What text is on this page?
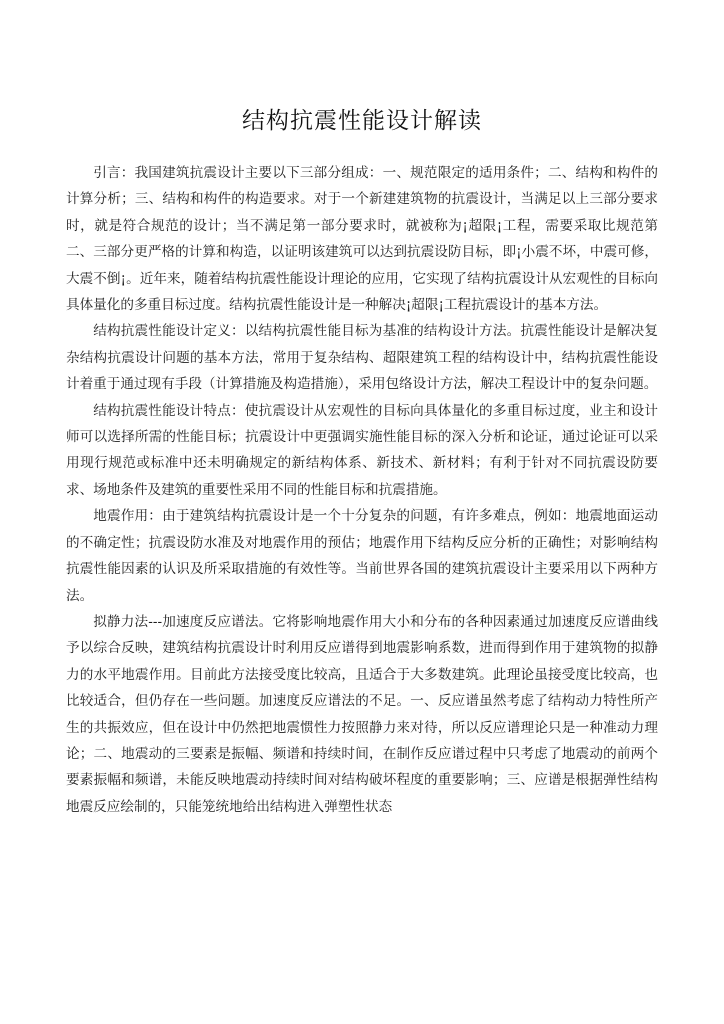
结构抗震性能设计解读

引言：我国建筑抗震设计主要以下三部分组成：一、规范限定的适用条件；二、结构和构件的计算分析；三、结构和构件的构造要求。对于一个新建建筑物的抗震设计，当满足以上三部分要求时，就是符合规范的设计；当不满足第一部分要求时，就被称为¡超限¡工程，需要采取比规范第二、三部分更严格的计算和构造，以证明该建筑可以达到抗震设防目标，即¡小震不坏，中震可修，大震不倒¡。近年来，随着结构抗震性能设计理论的应用，它实现了结构抗震设计从宏观性的目标向具体量化的多重目标过度。结构抗震性能设计是一种解决¡超限¡工程抗震设计的基本方法。

结构抗震性能设计定义：以结构抗震性能目标为基准的结构设计方法。抗震性能设计是解决复杂结构抗震设计问题的基本方法，常用于复杂结构、超限建筑工程的结构设计中，结构抗震性能设计着重于通过现有手段（计算措施及构造措施），采用包络设计方法，解决工程设计中的复杂问题。

结构抗震性能设计特点：使抗震设计从宏观性的目标向具体量化的多重目标过度，业主和设计师可以选择所需的性能目标；抗震设计中更强调实施性能目标的深入分析和论证，通过论证可以采用现行规范或标准中还未明确规定的新结构体系、新技术、新材料；有利于针对不同抗震设防要求、场地条件及建筑的重要性采用不同的性能目标和抗震措施。

地震作用：由于建筑结构抗震设计是一个十分复杂的问题，有许多难点，例如：地震地面运动的不确定性；抗震设防水准及对地震作用的预估；地震作用下结构反应分析的正确性；对影响结构抗震性能因素的认识及所采取措施的有效性等。当前世界各国的建筑抗震设计主要采用以下两种方法。

拟静力法---加速度反应谱法。它将影响地震作用大小和分布的各种因素通过加速度反应谱曲线予以综合反映，建筑结构抗震设计时利用反应谱得到地震影响系数，进而得到作用于建筑物的拟静力的水平地震作用。目前此方法接受度比较高，且适合于大多数建筑。此理论虽接受度比较高，也比较适合，但仍存在一些问题。加速度反应谱法的不足。一、反应谱虽然考虑了结构动力特性所产生的共振效应，但在设计中仍然把地震惯性力按照静力来对待，所以反应谱理论只是一种准动力理论；二、地震动的三要素是振幅、频谱和持续时间，在制作反应谱过程中只考虑了地震动的前两个要素振幅和频谱，未能反映地震动持续时间对结构破坏程度的重要影响；三、应谱是根据弹性结构地震反应绘制的，只能笼统地给出结构进入弹塑性状态
